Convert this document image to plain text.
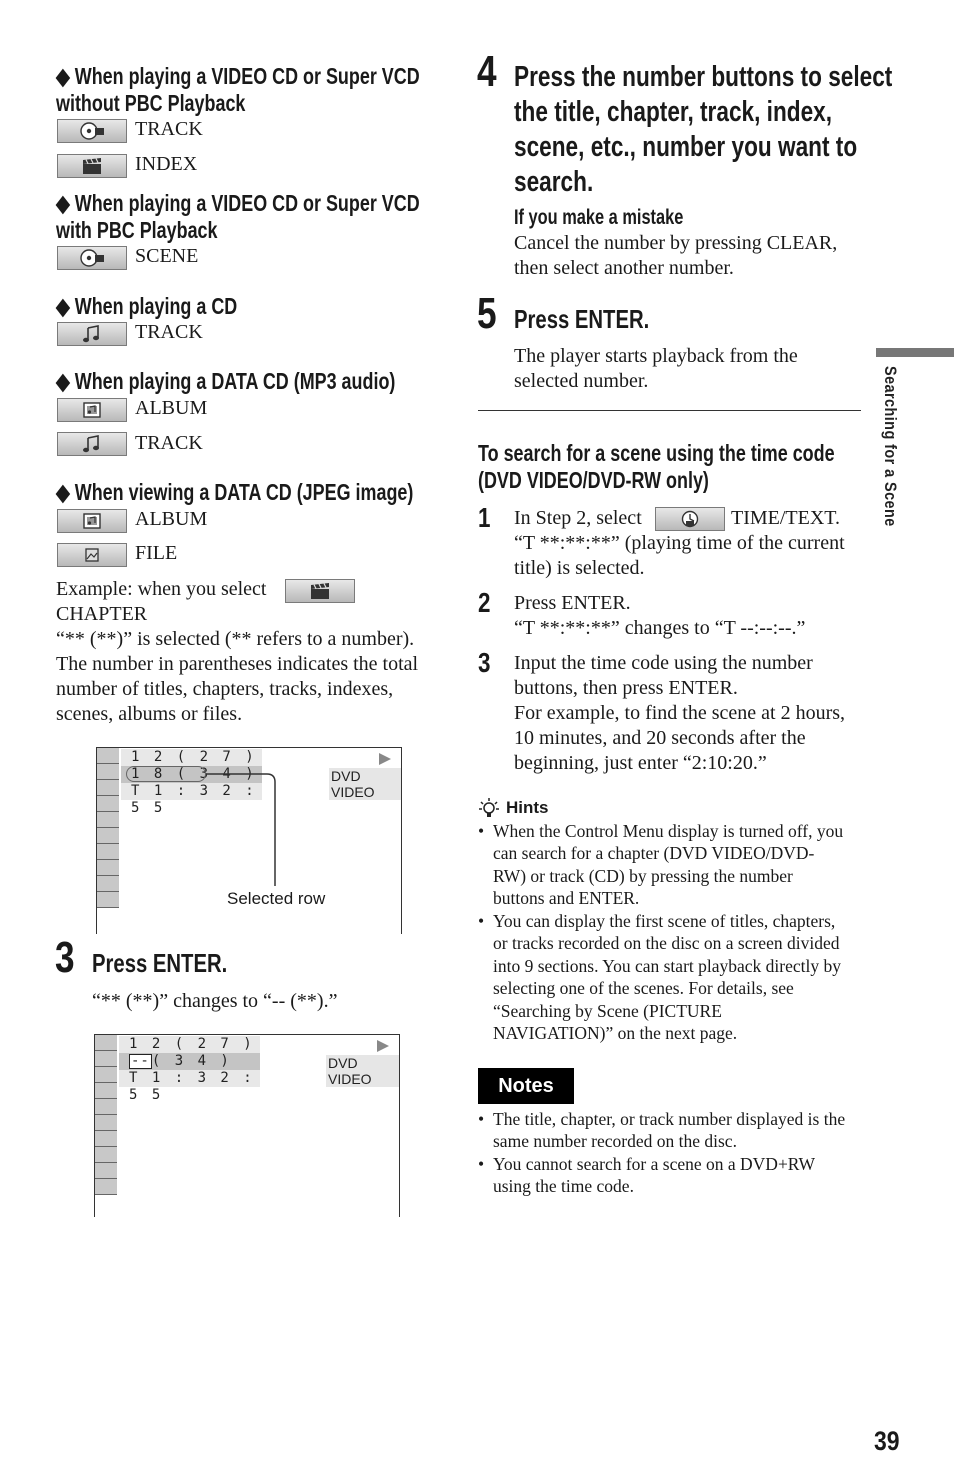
◆ When playing a VIDEO CD or Super VCD
without PBC Playback
TRACK
INDEX
◆ When playing a VIDEO CD or Super VCD
with PBC Playback
SCENE
◆ When playing a CD
TRACK
◆ When playing a DATA CD (MP3 audio)
ALBUM
TRACK
◆ When viewing a DATA CD (JPEG image)
ALBUM
FILE
Example: when you select
CHAPTER
“** (**)” is selected (** refers to a number).
The number in parentheses indicates the total
number of titles, chapters, tracks, indexes,
scenes, albums or files.
1 2 ( 2 7 )
1 8 ( 3 4 )
T 1 : 3 2 : 5 5
DVD VIDEO
Selected row
3 Press ENTER.
“** (**)” changes to “-- (**).”
1 2 ( 2 7 )
-- ( 3 4 )
T 1 : 3 2 : 5 5
DVD VIDEO
4 Press the number buttons to select
the title, chapter, track, index,
scene, etc., number you want to
search.
If you make a mistake
Cancel the number by pressing CLEAR,
then select another number.
5 Press ENTER.
The player starts playback from the
selected number.
To search for a scene using the time code
(DVD VIDEO/DVD-RW only)
1 In Step 2, select	TIME/TEXT.
“T **:**:**” (playing time of the current
title) is selected.
2 Press ENTER.
“T **:**:**” changes to “T --:--:--.”
3 Input the time code using the number
buttons, then press ENTER.
For example, to find the scene at 2 hours,
10 minutes, and 20 seconds after the
beginning, just enter “2:10:20.”
Hints
• When the Control Menu display is turned off, you
can search for a chapter (DVD VIDEO/DVD-
RW) or track (CD) by pressing the number
buttons and ENTER.
• You can display the first scene of titles, chapters,
or tracks recorded on the disc on a screen divided
into 9 sections. You can start playback directly by
selecting one of the scenes. For details, see
“Searching by Scene (PICTURE
NAVIGATION)” on the next page.
Notes
• The title, chapter, or track number displayed is the
same number recorded on the disc.
• You cannot search for a scene on a DVD+RW
using the time code.
Searching for a Scene
39
